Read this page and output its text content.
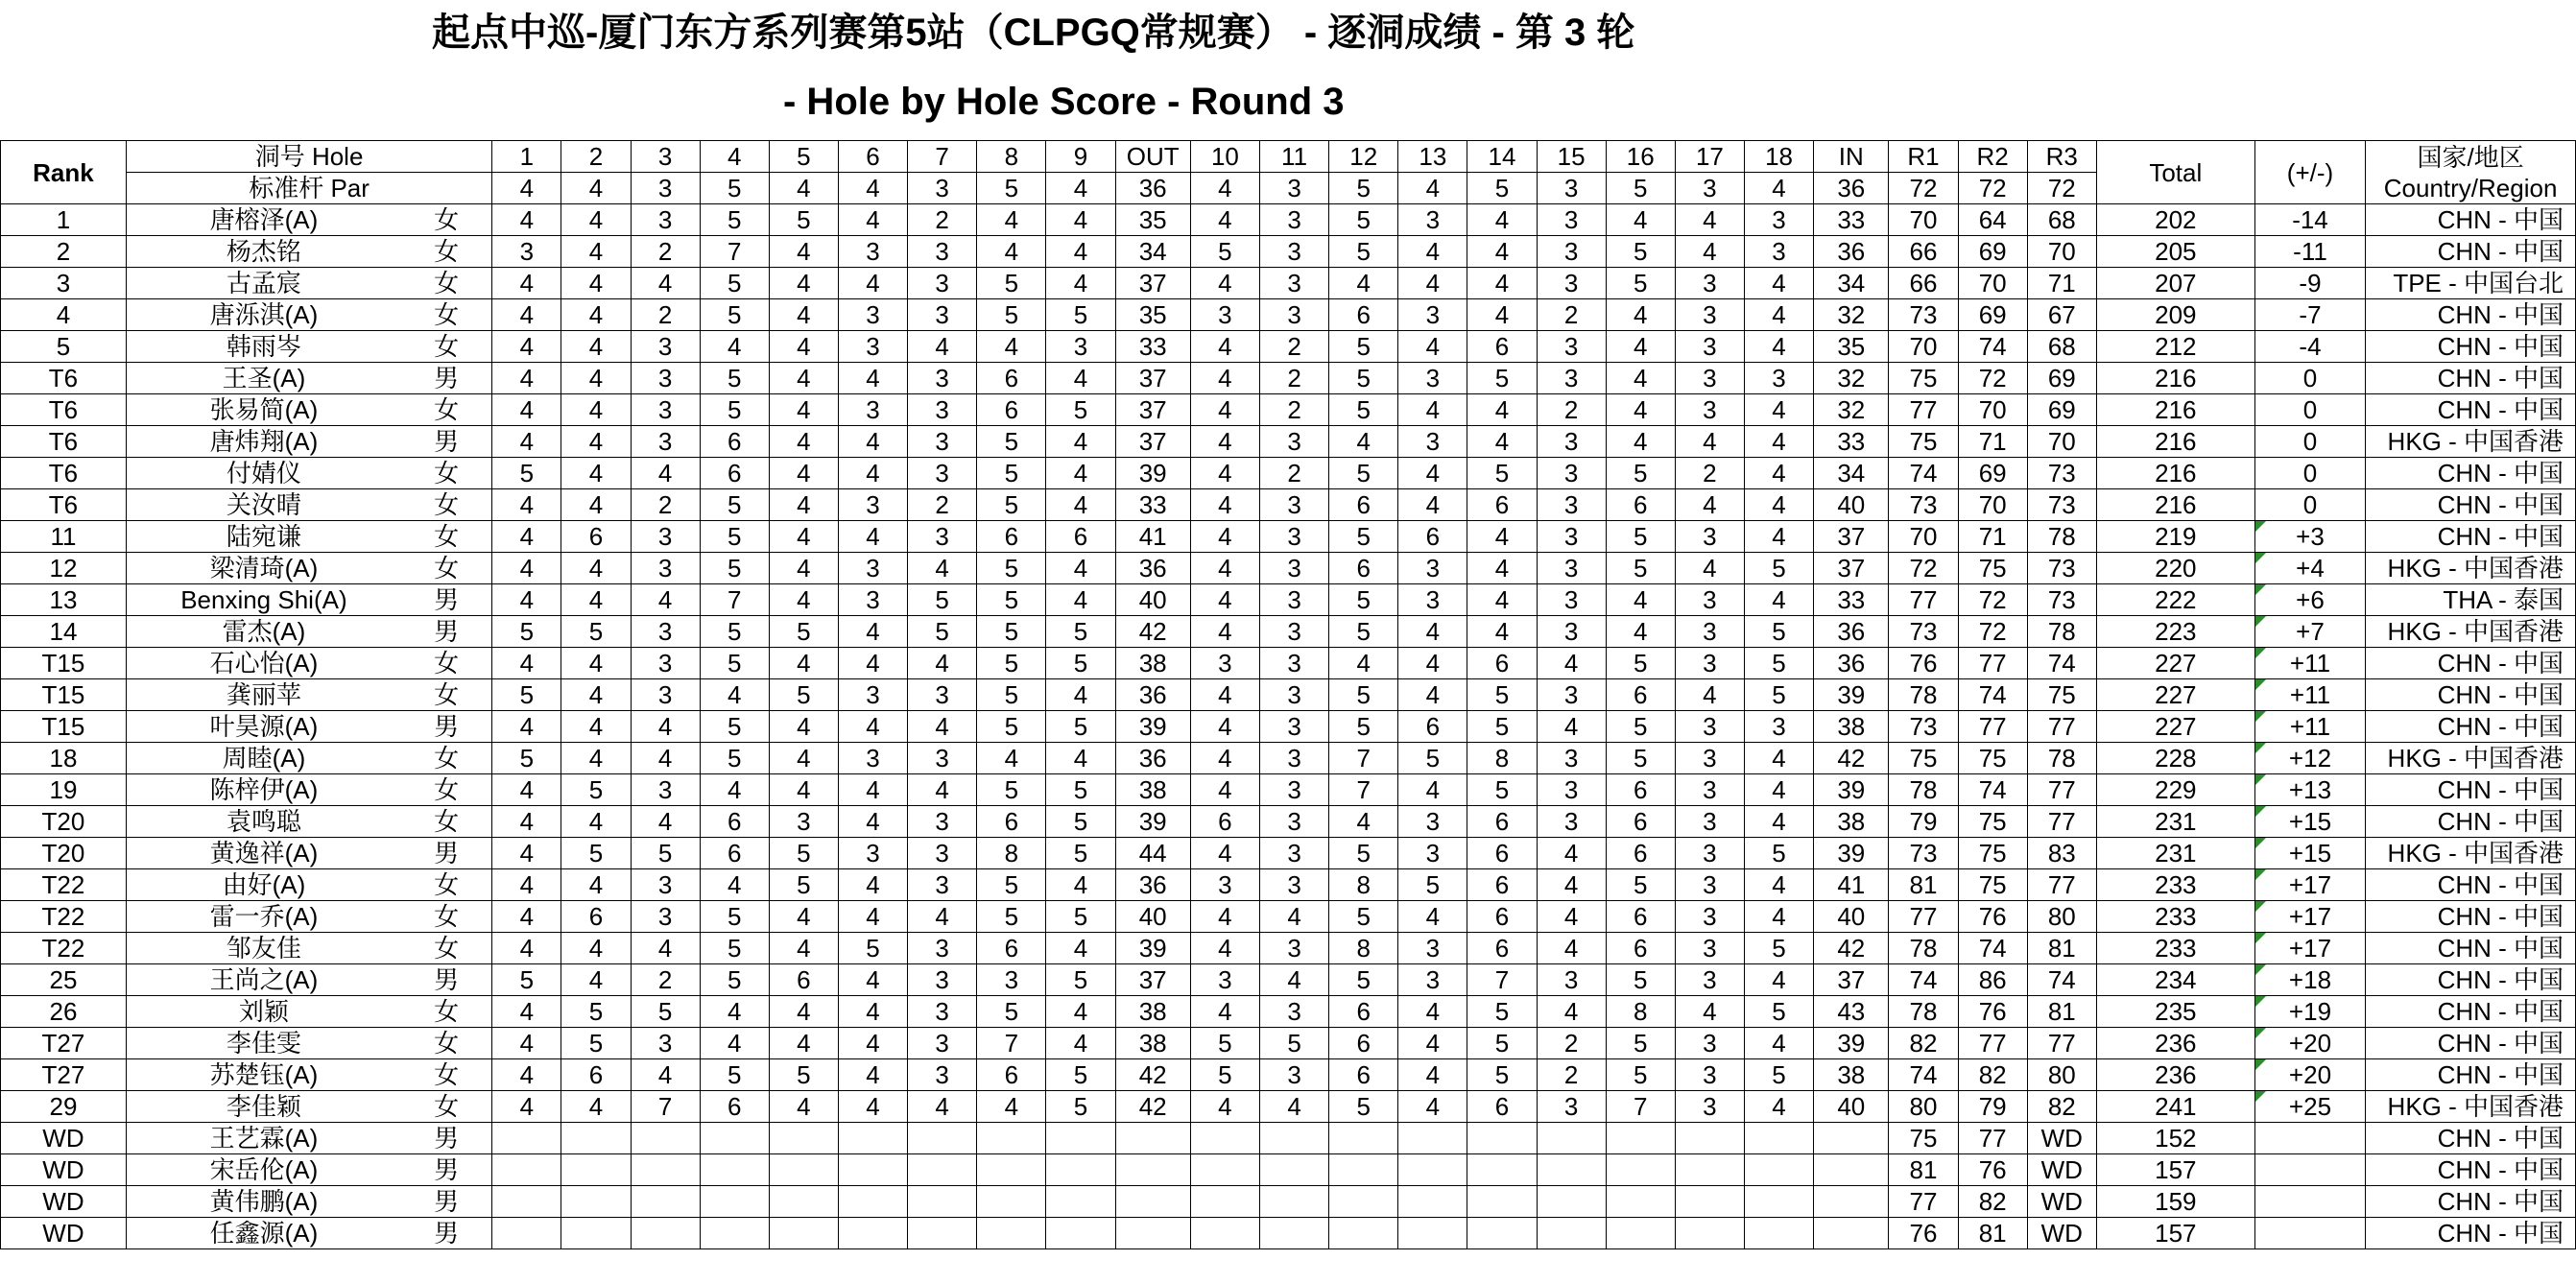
起点中巡-厦门东方系列赛第5站（CLPGQ常规赛） - 逐洞成绩 - 第 3 轮
- Hole by Hole Score - Round 3
Rank	洞号 Hole		1	2	3	4	5	6	7	8	9	OUT	10	11	12	13	14	15	16	17	18	IN	R1	R2	R3	Total	(+/-)	国家/地区
Country/Region

	标准杆 Par		4	4	3	5	4	4	3	5	4	36	4	3	5	4	5	3	5	3	4	36	72	72	72			
1	唐榕泽(A)	女	4	4	3	5	5	4	2	4	4	35	4	3	5	3	4	3	4	4	3	33	70	64	68	202	-14	CHN - 中国
2	杨杰铭	女	3	4	2	7	4	3	3	4	4	34	5	3	5	4	4	3	5	4	3	36	66	69	70	205	-11	CHN - 中国
3	古孟宸	女	4	4	4	5	4	4	3	5	4	37	4	3	4	4	4	3	5	3	4	34	66	70	71	207	-9	TPE - 中国台北
4	唐泺淇(A)	女	4	4	2	5	4	3	3	5	5	35	3	3	6	3	4	2	4	3	4	32	73	69	67	209	-7	CHN - 中国
5	韩雨岑	女	4	4	3	4	4	3	4	4	3	33	4	2	5	4	6	3	4	3	4	35	70	74	68	212	-4	CHN - 中国
T6	王圣(A)	男	4	4	3	5	4	4	3	6	4	37	4	2	5	3	5	3	4	3	3	32	75	72	69	216	0	CHN - 中国
T6	张易简(A)	女	4	4	3	5	4	3	3	6	5	37	4	2	5	4	4	2	4	3	4	32	77	70	69	216	0	CHN - 中国
T6	唐炜翔(A)	男	4	4	3	6	4	4	3	5	4	37	4	3	4	3	4	3	4	4	4	33	75	71	70	216	0	HKG - 中国香港
T6	付婧仪	女	5	4	4	6	4	4	3	5	4	39	4	2	5	4	5	3	5	2	4	34	74	69	73	216	0	CHN - 中国
T6	关汝晴	女	4	4	2	5	4	3	2	5	4	33	4	3	6	4	6	3	6	4	4	40	73	70	73	216	0	CHN - 中国
11	陆宛谦	女	4	6	3	5	4	4	3	6	6	41	4	3	5	6	4	3	5	3	4	37	70	71	78	219	+3	CHN - 中国
12	梁清琦(A)	女	4	4	3	5	4	3	4	5	4	36	4	3	6	3	4	3	5	4	5	37	72	75	73	220	+4	HKG - 中国香港
13	Benxing Shi(A)	男	4	4	4	7	4	3	5	5	4	40	4	3	5	3	4	3	4	3	4	33	77	72	73	222	+6	THA - 泰国
14	雷杰(A)	男	5	5	3	5	5	4	5	5	5	42	4	3	5	4	4	3	4	3	5	36	73	72	78	223	+7	HKG - 中国香港
T15	石心怡(A)	女	4	4	3	5	4	4	4	5	5	38	3	3	4	4	6	4	5	3	5	36	76	77	74	227	+11	CHN - 中国
T15	龚丽苹	女	5	4	3	4	5	3	3	5	4	36	4	3	5	4	5	3	6	4	5	39	78	74	75	227	+11	CHN - 中国
T15	叶昊源(A)	男	4	4	4	5	4	4	4	5	5	39	4	3	5	6	5	4	5	3	3	38	73	77	77	227	+11	CHN - 中国
18	周睦(A)	女	5	4	4	5	4	3	3	4	4	36	4	3	7	5	8	3	5	3	4	42	75	75	78	228	+12	HKG - 中国香港
19	陈梓伊(A)	女	4	5	3	4	4	4	4	5	5	38	4	3	7	4	5	3	6	3	4	39	78	74	77	229	+13	CHN - 中国
T20	袁鸣聪	女	4	4	4	6	3	4	3	6	5	39	6	3	4	3	6	3	6	3	4	38	79	75	77	231	+15	CHN - 中国
T20	黄逸祥(A)	男	4	5	5	6	5	3	3	8	5	44	4	3	5	3	6	4	6	3	5	39	73	75	83	231	+15	HKG - 中国香港
T22	由好(A)	女	4	4	3	4	5	4	3	5	4	36	3	3	8	5	6	4	5	3	4	41	81	75	77	233	+17	CHN - 中国
T22	雷一乔(A)	女	4	6	3	5	4	4	4	5	5	40	4	4	5	4	6	4	6	3	4	40	77	76	80	233	+17	CHN - 中国
T22	邹友佳	女	4	4	4	5	4	5	3	6	4	39	4	3	8	3	6	4	6	3	5	42	78	74	81	233	+17	CHN - 中国
25	王尚之(A)	男	5	4	2	5	6	4	3	3	5	37	3	4	5	3	7	3	5	3	4	37	74	86	74	234	+18	CHN - 中国
26	刘颖	女	4	5	5	4	4	4	3	5	4	38	4	3	6	4	5	4	8	4	5	43	78	76	81	235	+19	CHN - 中国
T27	李佳雯	女	4	5	3	4	4	4	3	7	4	38	5	5	6	4	5	2	5	3	4	39	82	77	77	236	+20	CHN - 中国
T27	苏楚钰(A)	女	4	6	4	5	5	4	3	6	5	42	5	3	6	4	5	2	5	3	5	38	74	82	80	236	+20	CHN - 中国
29	李佳颖	女	4	4	7	6	4	4	4	4	5	42	4	4	5	4	6	3	7	3	4	40	80	79	82	241	+25	HKG - 中国香港
WD	王艺霖(A)	男																					75	77	WD	152		CHN - 中国
WD	宋岳伦(A)	男																					81	76	WD	157		CHN - 中国
WD	黄伟鹏(A)	男																					77	82	WD	159		CHN - 中国
WD	任鑫源(A)	男																					76	81	WD	157		CHN - 中国
